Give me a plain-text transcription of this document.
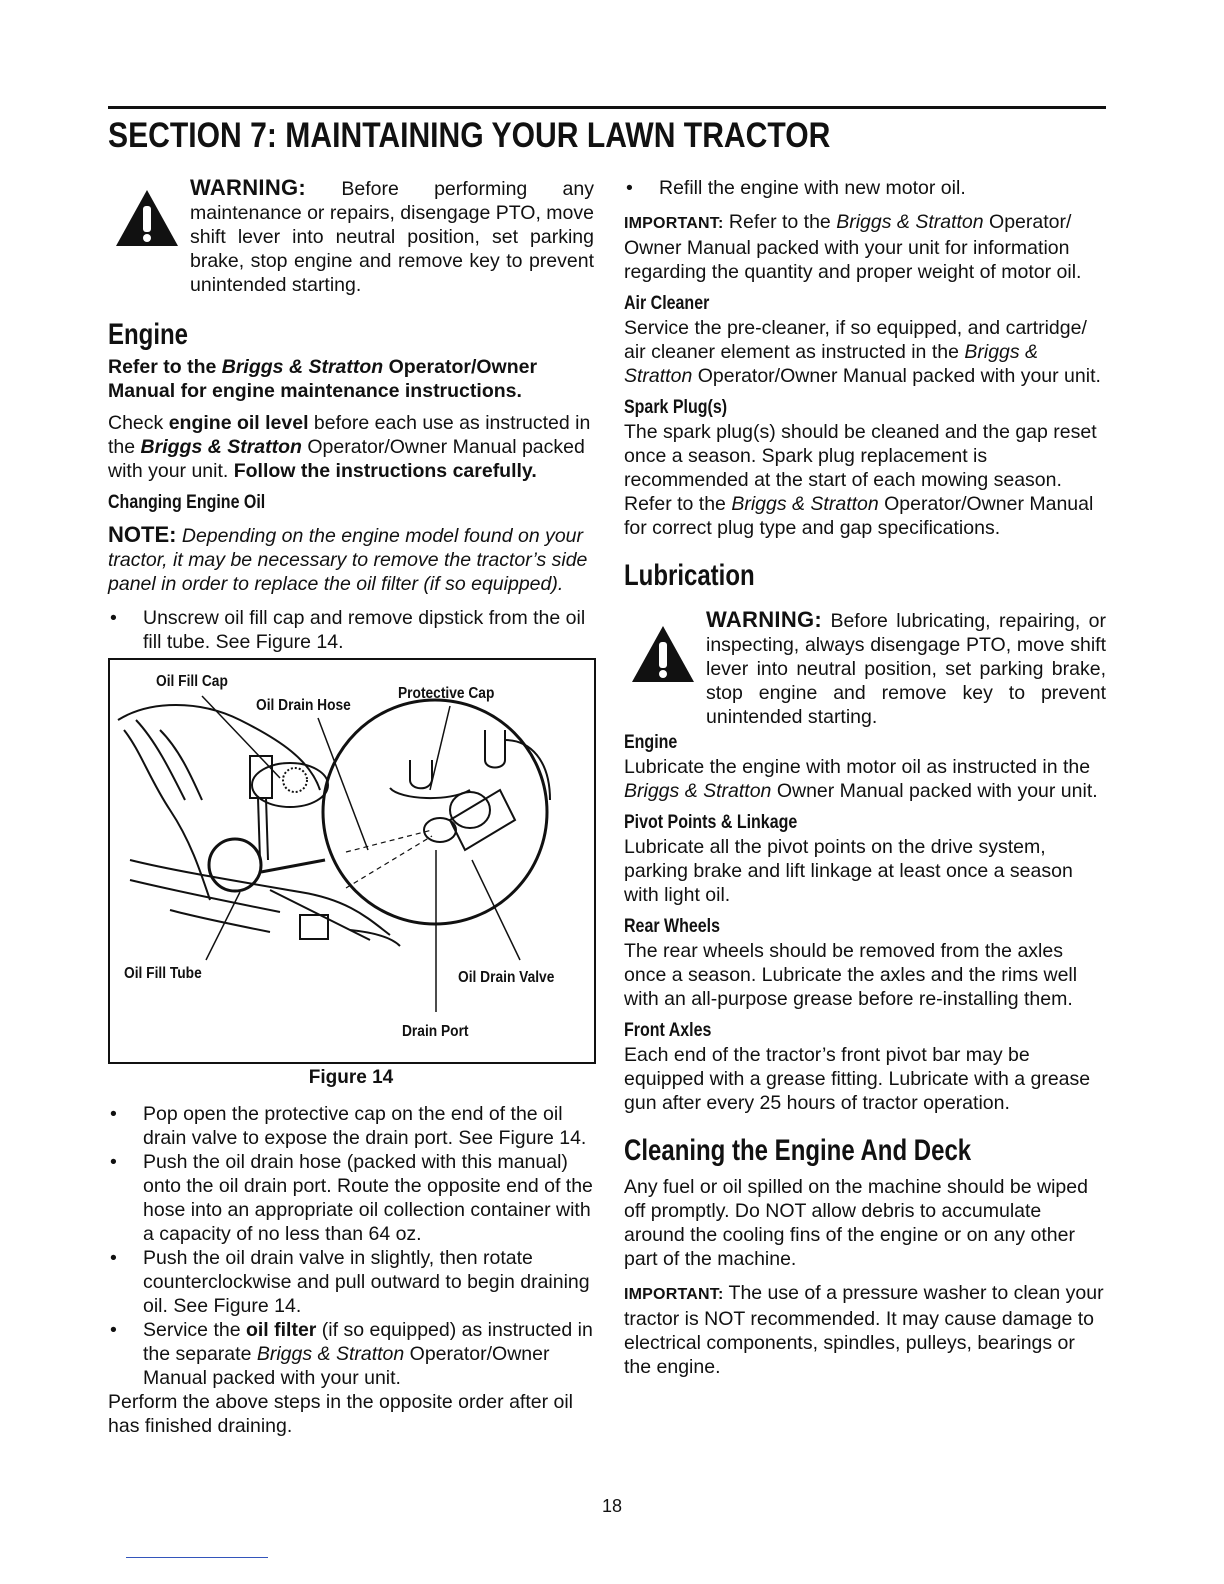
SECTION 7: MAINTAINING YOUR LAWN TRACTOR

WARNING: Before performing any maintenance or repairs, disengage PTO, move shift lever into neutral position, set parking brake, stop engine and remove key to prevent unintended starting.

Engine

Refer to the Briggs & Stratton Operator/Owner Manual for engine maintenance instructions.

Check engine oil level before each use as instructed in the Briggs & Stratton Operator/Owner Manual packed with your unit. Follow the instructions carefully.

Changing Engine Oil

NOTE: Depending on the engine model found on your tractor, it may be necessary to remove the tractor’s side panel in order to replace the oil filter (if so equipped).

• Unscrew oil fill cap and remove dipstick from the oil fill tube. See Figure 14.
Oil Fill Cap
Oil Drain Hose
Protective Cap
Oil Fill Tube	Oil Drain Valve
Drain Port
Figure 14
• Pop open the protective cap on the end of the oil drain valve to expose the drain port. See Figure 14.
• Push the oil drain hose (packed with this manual) onto the oil drain port. Route the opposite end of the hose into an appropriate oil collection container with a capacity of no less than 64 oz.
• Push the oil drain valve in slightly, then rotate counterclockwise and pull outward to begin draining oil. See Figure 14.
• Service the oil filter (if so equipped) as instructed in the separate Briggs & Stratton Operator/Owner Manual packed with your unit.

Perform the above steps in the opposite order after oil has finished draining.

• Refill the engine with new motor oil.

IMPORTANT: Refer to the Briggs & Stratton Operator/ Owner Manual packed with your unit for information regarding the quantity and proper weight of motor oil.

Air Cleaner

Service the pre-cleaner, if so equipped, and cartridge/ air cleaner element as instructed in the Briggs & Stratton Operator/Owner Manual packed with your unit.

Spark Plug(s)

The spark plug(s) should be cleaned and the gap reset once a season. Spark plug replacement is recommended at the start of each mowing season. Refer to the Briggs & Stratton Operator/Owner Manual for correct plug type and gap specifications.

Lubrication

WARNING: Before lubricating, repairing, or inspecting, always disengage PTO, move shift lever into neutral position, set parking brake, stop engine and remove key to prevent unintended starting.

Engine

Lubricate the engine with motor oil as instructed in the Briggs & Stratton Owner Manual packed with your unit.

Pivot Points & Linkage

Lubricate all the pivot points on the drive system, parking brake and lift linkage at least once a season with light oil.

Rear Wheels

The rear wheels should be removed from the axles once a season. Lubricate the axles and the rims well with an all-purpose grease before re-installing them.

Front Axles

Each end of the tractor’s front pivot bar may be equipped with a grease fitting. Lubricate with a grease gun after every 25 hours of tractor operation.

Cleaning the Engine And Deck

Any fuel or oil spilled on the machine should be wiped off promptly. Do NOT allow debris to accumulate around the cooling fins of the engine or on any other part of the machine.

IMPORTANT: The use of a pressure washer to clean your tractor is NOT recommended. It may cause damage to electrical components, spindles, pulleys, bearings or the engine.

18
